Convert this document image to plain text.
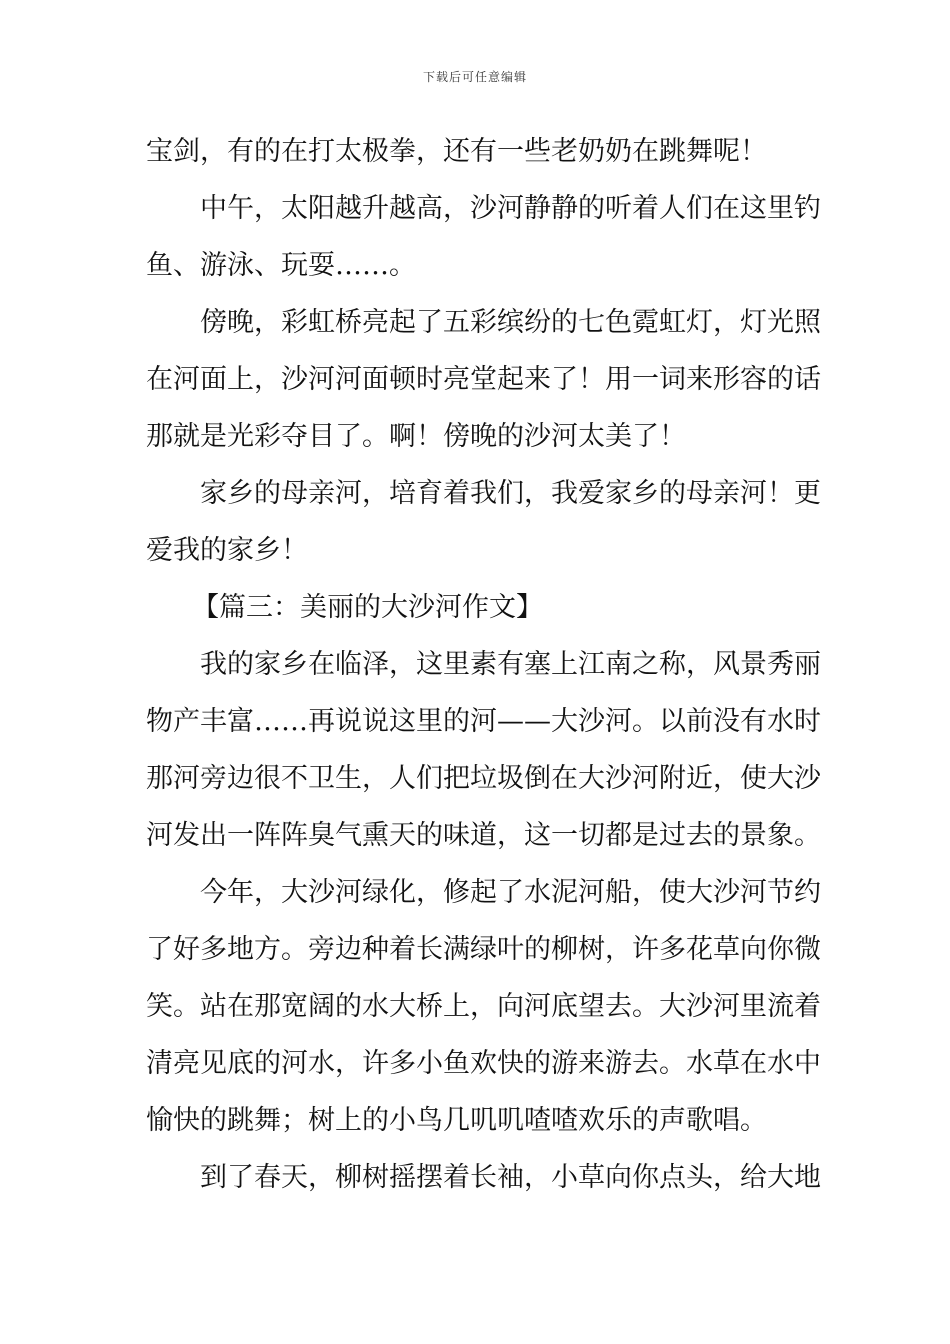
下载后可任意编辑
宝剑，有的在打太极拳，还有一些老奶奶在跳舞呢！
中午，太阳越升越高，沙河静静的听着人们在这里钓
鱼、游泳、玩耍……。
傍晚，彩虹桥亮起了五彩缤纷的七色霓虹灯，灯光照
在河面上，沙河河面顿时亮堂起来了！用一词来形容的话
那就是光彩夺目了。啊！傍晚的沙河太美了！
家乡的母亲河，培育着我们，我爱家乡的母亲河！更
爱我的家乡！
【篇三：美丽的大沙河作文】
我的家乡在临泽，这里素有塞上江南之称，风景秀丽
物产丰富……再说说这里的河——大沙河。以前没有水时
那河旁边很不卫生，人们把垃圾倒在大沙河附近，使大沙
河发出一阵阵臭气熏天的味道，这一切都是过去的景象。
今年，大沙河绿化，修起了水泥河船，使大沙河节约
了好多地方。旁边种着长满绿叶的柳树，许多花草向你微
笑。站在那宽阔的水大桥上，向河底望去。大沙河里流着
清亮见底的河水，许多小鱼欢快的游来游去。水草在水中
愉快的跳舞；树上的小鸟几叽叽喳喳欢乐的声歌唱。
到了春天，柳树摇摆着长袖，小草向你点头，给大地
